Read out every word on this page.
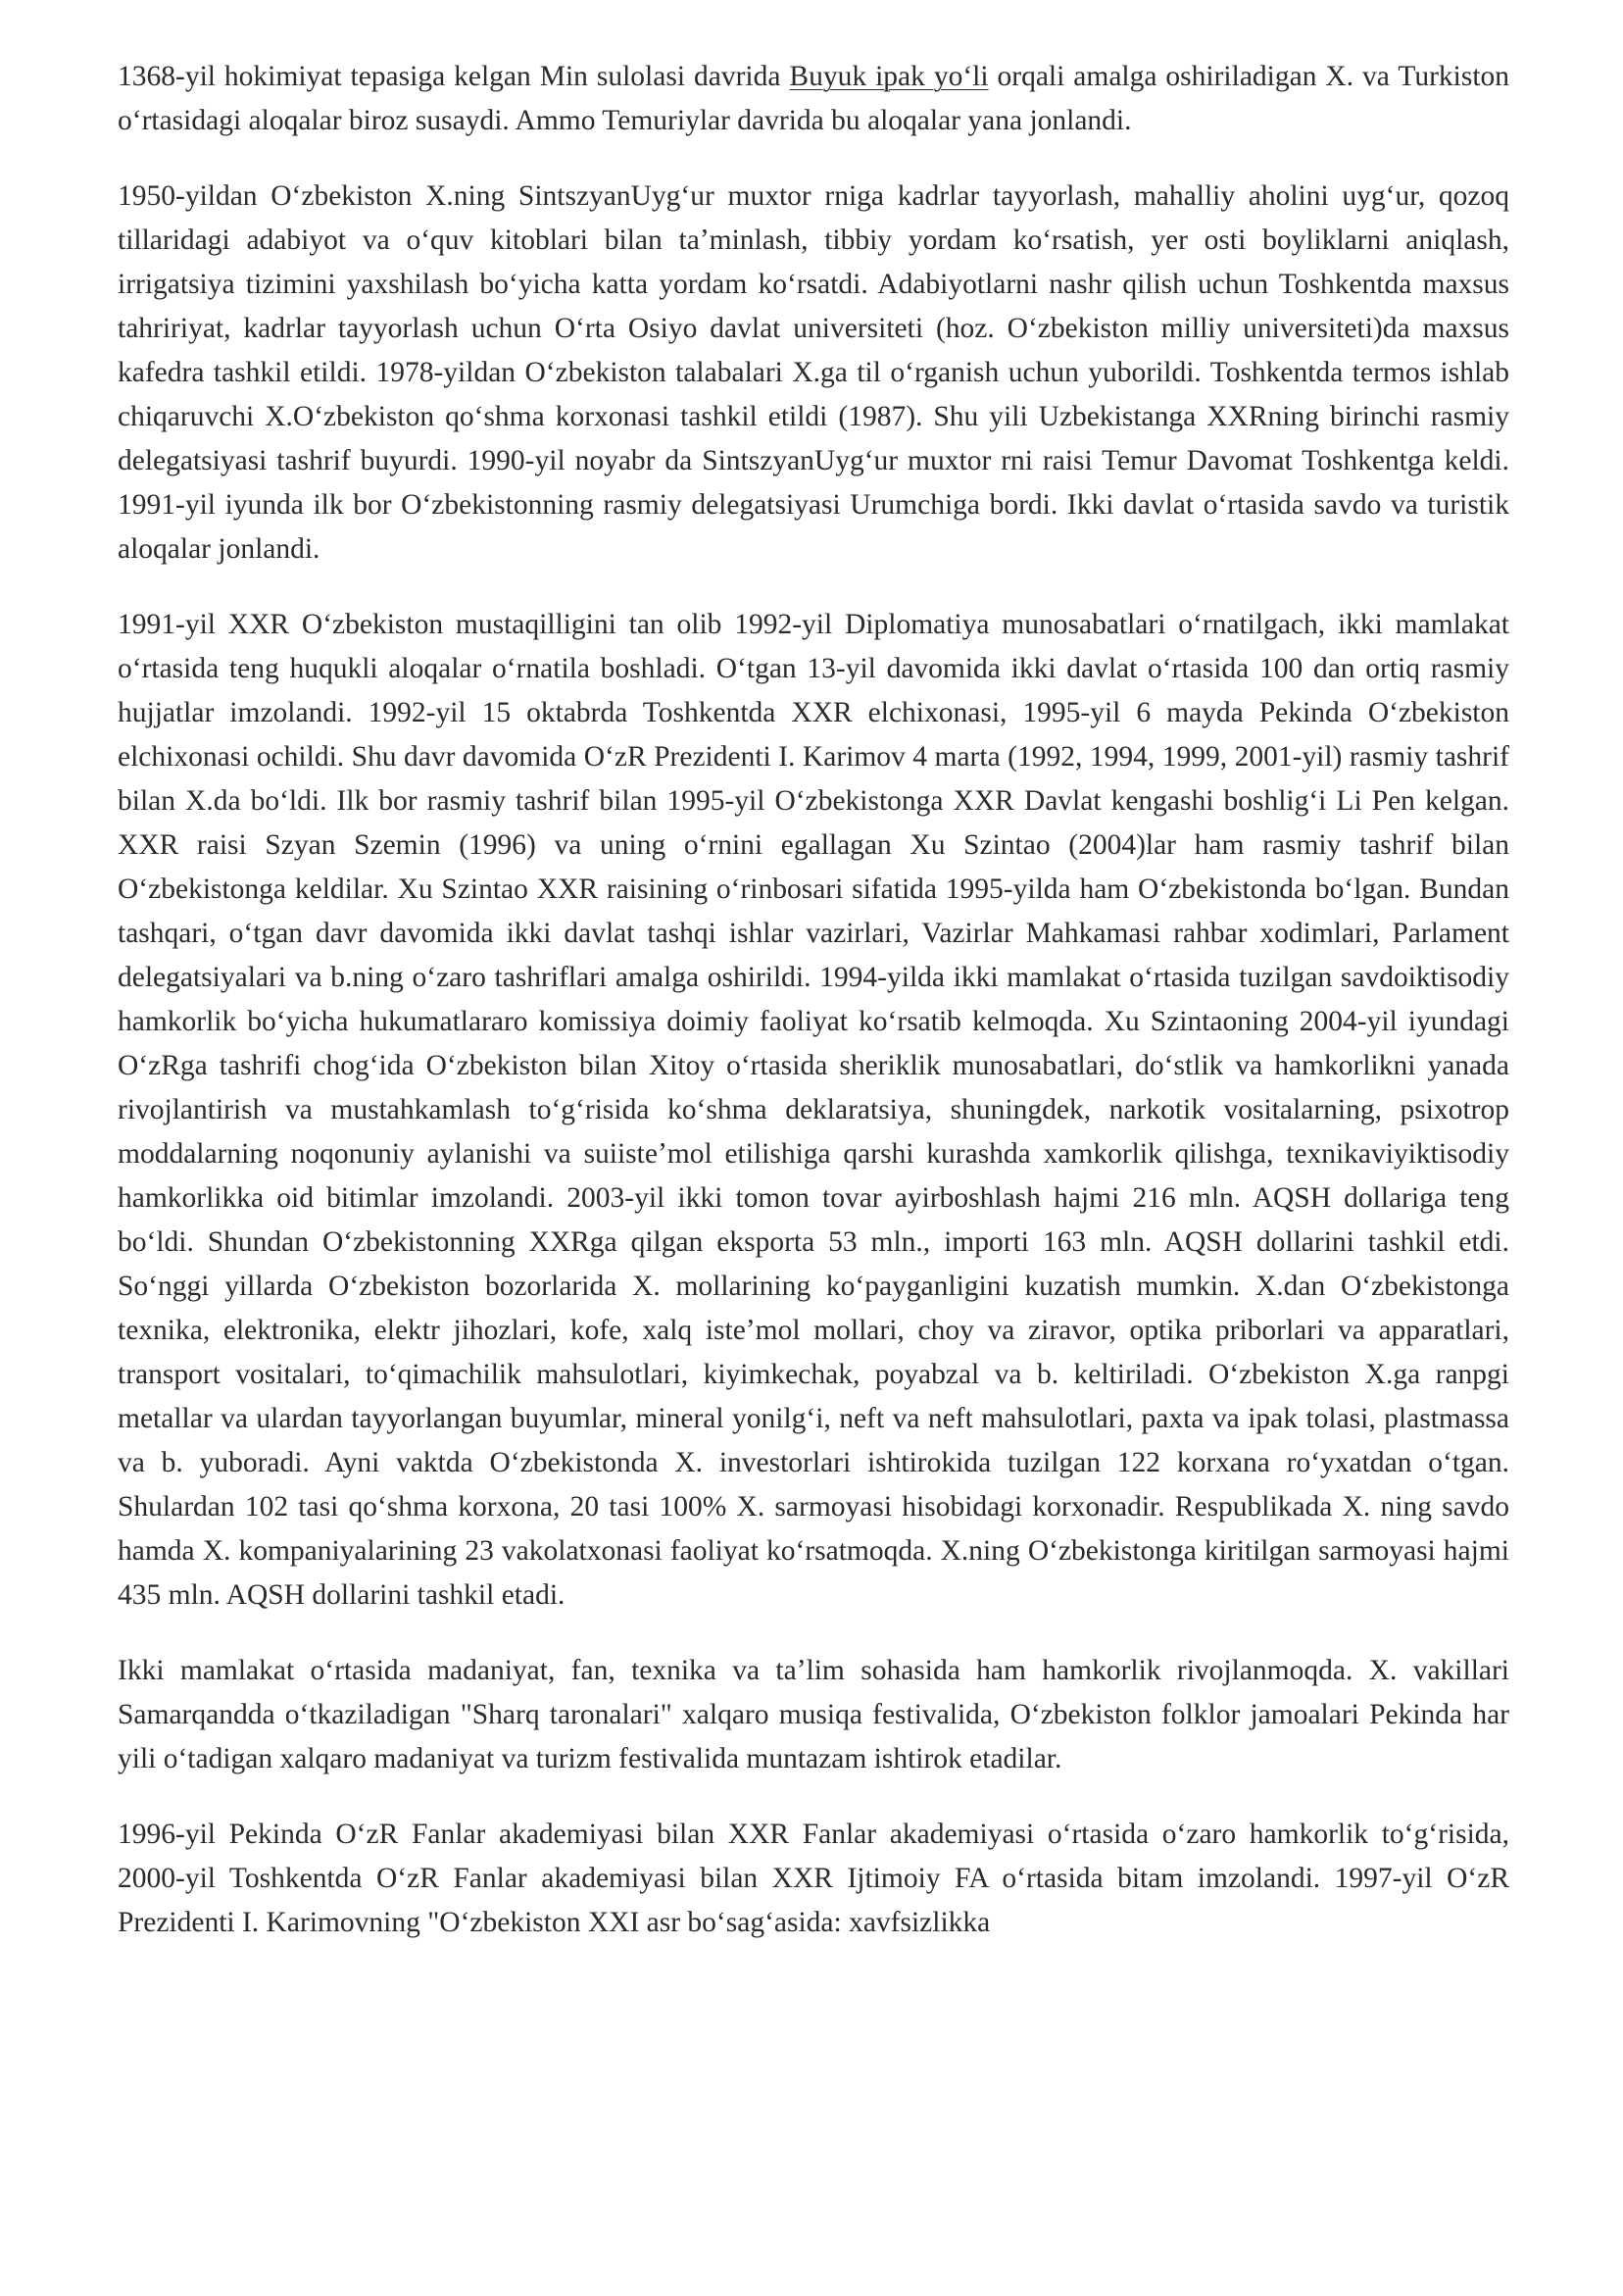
1368-yil hokimiyat tepasiga kelgan Min sulolasi davrida Buyuk ipak yoʻli orqali amalga oshiriladigan X. va Turkiston oʻrtasidagi aloqalar biroz susaydi. Ammo Temuriylar davrida bu aloqalar yana jonlandi.

1950-yildan Oʻzbekiston X.ning SintszyanUygʻur muxtor rniga kadrlar tayyorlash, mahalliy aholini uygʻur, qozoq tillaridagi adabiyot va oʻquv kitoblari bilan taʼminlash, tibbiy yordam koʻrsatish, yer osti boyliklarni aniqlash, irrigatsiya tizimini yaxshilash boʻyicha katta yordam koʻrsatdi. Adabiyotlarni nashr qilish uchun Toshkentda maxsus tahririyat, kadrlar tayyorlash uchun Oʻrta Osiyo davlat universiteti (hoz. Oʻzbekiston milliy universiteti)da maxsus kafedra tashkil etildi. 1978-yildan Oʻzbekiston talabalari X.ga til oʻrganish uchun yuborildi. Toshkentda termos ishlab chiqaruvchi X.Oʻzbekiston qoʻshma korxonasi tashkil etildi (1987). Shu yili Uzbekistanga XXRning birinchi rasmiy delegatsiyasi tashrif buyurdi. 1990-yil noyabr da SintszyanUygʻur muxtor rni raisi Temur Davomat Toshkentga keldi. 1991-yil iyunda ilk bor Oʻzbekistonning rasmiy delegatsiyasi Urumchiga bordi. Ikki davlat oʻrtasida savdo va turistik aloqalar jonlandi.

1991-yil XXR Oʻzbekiston mustaqilligini tan olib 1992-yil Diplomatiya munosabatlari oʻrnatilgach, ikki mamlakat oʻrtasida teng huqukli aloqalar oʻrnatila boshladi. Oʻtgan 13-yil davomida ikki davlat oʻrtasida 100 dan ortiq rasmiy hujjatlar imzolandi. 1992-yil 15 oktabrda Toshkentda XXR elchixonasi, 1995-yil 6 mayda Pekinda Oʻzbekiston elchixonasi ochildi. Shu davr davomida OʻzR Prezidenti I. Karimov 4 marta (1992, 1994, 1999, 2001-yil) rasmiy tashrif bilan X.da boʻldi. Ilk bor rasmiy tashrif bilan 1995-yil Oʻzbekistonga XXR Davlat kengashi boshligʻi Li Pen kelgan. XXR raisi Szyan Szemin (1996) va uning oʻrnini egallagan Xu Szintao (2004)lar ham rasmiy tashrif bilan Oʻzbekistonga keldilar. Xu Szintao XXR raisining oʻrinbosari sifatida 1995-yilda ham Oʻzbekistonda boʻlgan. Bundan tashqari, oʻtgan davr davomida ikki davlat tashqi ishlar vazirlari, Vazirlar Mahkamasi rahbar xodimlari, Parlament delegatsiyalari va b.ning oʻzaro tashriflari amalga oshirildi. 1994-yilda ikki mamlakat oʻrtasida tuzilgan savdoiktisodiy hamkorlik boʻyicha hukumatlararo komissiya doimiy faoliyat koʻrsatib kelmoqda. Xu Szintaoning 2004-yil iyundagi OʻzRga tashrifi chogʻida Oʻzbekiston bilan Xitoy oʻrtasida sheriklik munosabatlari, doʻstlik va hamkorlikni yanada rivojlantirish va mustahkamlash toʻgʻrisida koʻshma deklaratsiya, shuningdek, narkotik vositalarning, psixotrop moddalarning noqonuniy aylanishi va suiisteʼmol etilishiga qarshi kurashda xamkorlik qilishga, texnikaviyiktisodiy hamkorlikka oid bitimlar imzolandi. 2003-yil ikki tomon tovar ayirboshlash hajmi 216 mln. AQSH dollariga teng boʻldi. Shundan Oʻzbekistonning XXRga qilgan eksporta 53 mln., importi 163 mln. AQSH dollarini tashkil etdi. Soʻnggi yillarda Oʻzbekiston bozorlarida X. mollarining koʻpayganligini kuzatish mumkin. X.dan Oʻzbekistonga texnika, elektronika, elektr jihozlari, kofe, xalq isteʼmol mollari, choy va ziravor, optika priborlari va apparatlari, transport vositalari, toʻqimachilik mahsulotlari, kiyimkechak, poyabzal va b. keltiriladi. Oʻzbekiston X.ga ranpgi metallar va ulardan tayyorlangan buyumlar, mineral yonilgʻi, neft va neft mahsulotlari, paxta va ipak tolasi, plastmassa va b. yuboradi. Ayni vaktda Oʻzbekistonda X. investorlari ishtirokida tuzilgan 122 korxana roʻyxatdan oʻtgan. Shulardan 102 tasi qoʻshma korxona, 20 tasi 100% X. sarmoyasi hisobidagi korxonadir. Respublikada X. ning savdo hamda X. kompaniyalarining 23 vakolatxonasi faoliyat koʻrsatmoqda. X.ning Oʻzbekistonga kiritilgan sarmoyasi hajmi 435 mln. AQSH dollarini tashkil etadi.

Ikki mamlakat oʻrtasida madaniyat, fan, texnika va taʼlim sohasida ham hamkorlik rivojlanmoqda. X. vakillari Samarqandda oʻtkaziladigan "Sharq taronalari" xalqaro musiqa festivalida, Oʻzbekiston folklor jamoalari Pekinda har yili oʻtadigan xalqaro madaniyat va turizm festivalida muntazam ishtirok etadilar.

1996-yil Pekinda OʻzR Fanlar akademiyasi bilan XXR Fanlar akademiyasi oʻrtasida oʻzaro hamkorlik toʻgʻrisida, 2000-yil Toshkentda OʻzR Fanlar akademiyasi bilan XXR Ijtimoiy FA oʻrtasida bitam imzolandi. 1997-yil OʻzR Prezidenti I. Karimovning "Oʻzbekiston XXI asr boʻsagʻasida: xavfsizlikka
